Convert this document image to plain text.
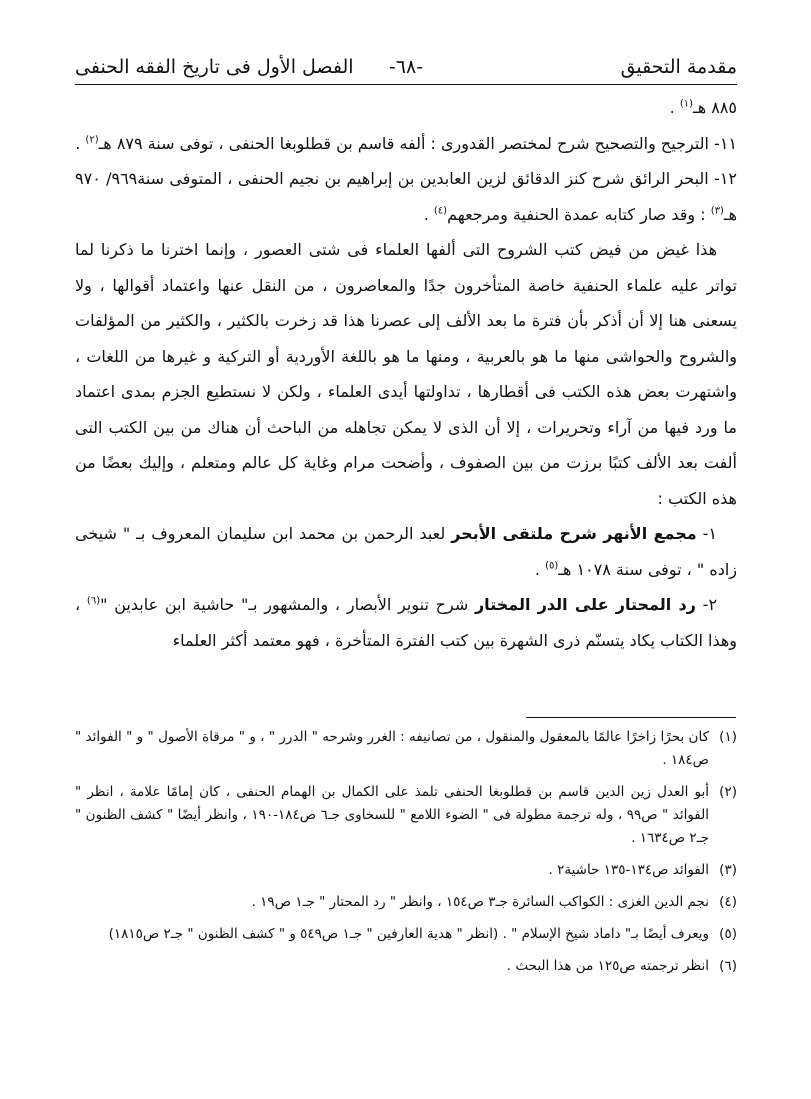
مقدمة التحقيق
-٦٨-
الفصل الأول فى تاريخ الفقه الحنفى

٨٨٥ هـ$^{(١)}$ .

١١- الترجيح والتصحيح شرح لمختصر القدورى : ألفه قاسم بن قطلوبغا الحنفى ، توفى سنة ٨٧٩ هـ$^{(٢)}$ .

١٢- البحر الرائق شرح كنز الدقائق لزين العابدين بن إبراهيم بن نجيم الحنفى ، المتوفى سنة٩٦٩/ ٩٧٠ هـ$^{(٣)}$ : وقد صار كتابه عمدة الحنفية ومرجعهم$^{(٤)}$ .

هذا غيض من فيض كتب الشروح التى ألفها العلماء فى شتى العصور ، وإنما اخترنا ما ذكرنا لما تواتر عليه علماء الحنفية خاصة المتأخرون جدًا والمعاصرون ، من النقل عنها واعتماد أقوالها ، ولا يسعنى هنا إلا أن أذكر بأن فترة ما بعد الألف إلى عصرنا هذا قد زخرت بالكثير ، والكثير من المؤلفات والشروح والحواشى منها ما هو بالعربية ، ومنها ما هو باللغة الأوردية أو التركية و غيرها من اللغات ، واشتهرت بعض هذه الكتب فى أقطارها ، تداولتها أيدى العلماء ، ولكن لا نستطيع الجزم بمدى اعتماد ما ورد فيها من آراء وتحريرات ، إلا أن الذى لا يمكن تجاهله من الباحث أن هناك من بين الكتب التى ألفت بعد الألف كتبًا برزت من بين الصفوف ، وأضحت مرام وغاية كل عالم ومتعلم ، وإليك بعضًا من هذه الكتب :

١- مجمع الأنهر شرح ملتقى الأبحر لعبد الرحمن بن محمد ابن سليمان المعروف بـ " شيخى زاده " ، توفى سنة ١٠٧٨ هـ$^{(٥)}$ .

٢- رد المحتار على الدر المختار شرح تنوير الأبصار ، والمشهور بـ" حاشية ابن عابدين "$^{(٦)}$ ، وهذا الكتاب يكاد يتسنّم ذرى الشهرة بين كتب الفترة المتأخرة ، فهو معتمد أكثر العلماء

(١)
كان بحرًا زاخرًا عالمًا بالمعقول والمنقول ، من تصانيفه : الغرر وشرحه " الدرر " ، و " مرقاة الأصول " و " الفوائد " ص١٨٤ .
(٢)
أبو العدل زين الدين قاسم بن قطلوبغا الحنفى تلمذ على الكمال بن الهمام الحنفى ، كان إمامًا علامة ، انظر " الفوائد " ص٩٩ ، وله ترجمة مطولة فى " الضوء اللامع " للسخاوى جـ٦ ص١٨٤-١٩٠ ، وانظر أيضًا " كشف الظنون " جـ٢ ص١٦٣٤ .
(٣)
الفوائد ص١٣٤-١٣٥ حاشية٢ .
(٤)
نجم الدين الغزى : الكواكب السائرة جـ٣ ص١٥٤ ، وانظر " رد المحتار " جـ١ ص١٩ .
(٥)
ويعرف أيضًا بـ" داماد شيخ الإسلام " . (انظر " هدية العارفين " جـ١ ص٥٤٩ و " كشف الظنون " جـ٢ ص١٨١٥)
(٦)
انظر ترجمته ص١٢٥ من هذا البحث .
